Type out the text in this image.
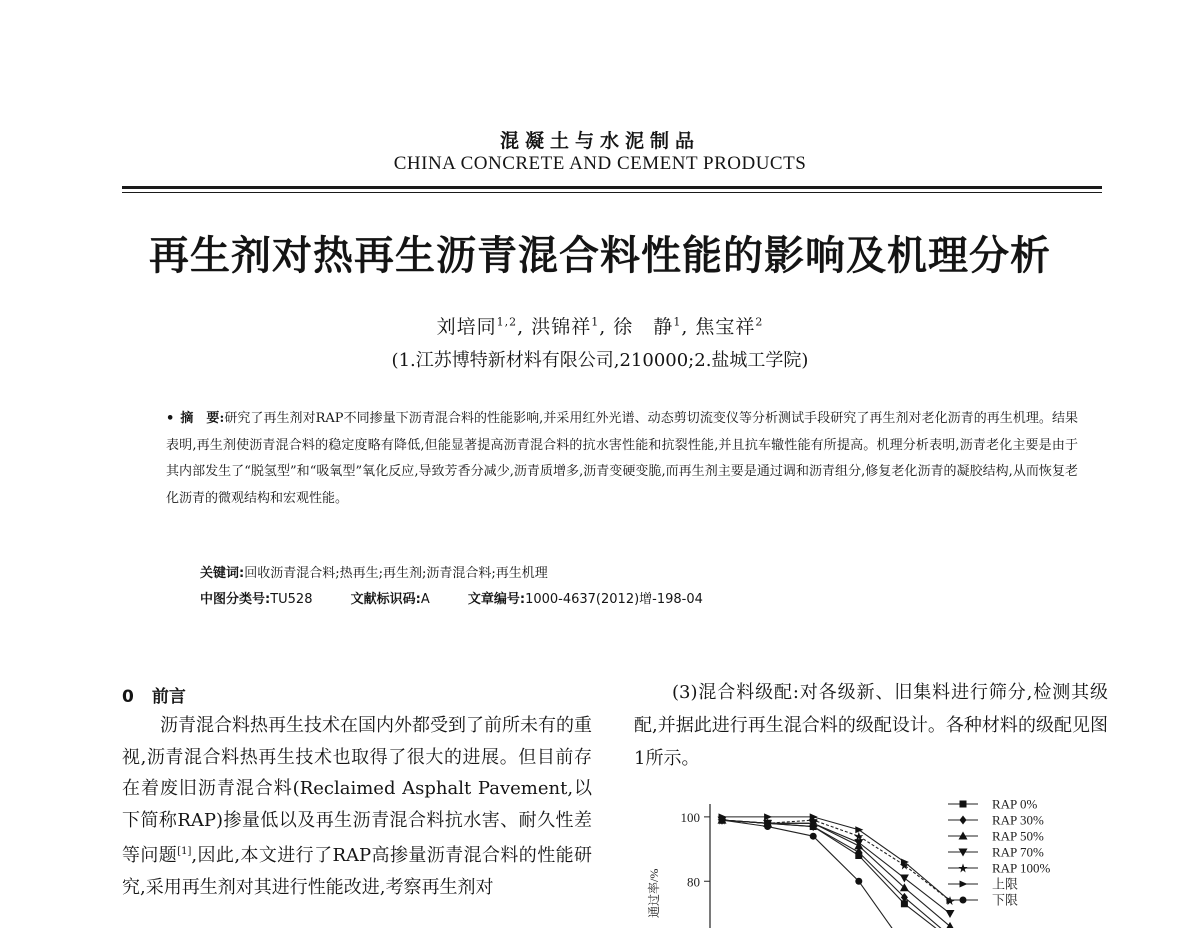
混凝土与水泥制品
CHINA CONCRETE AND CEMENT PRODUCTS
再生剂对热再生沥青混合料性能的影响及机理分析
刘培同$^{1,2}$, 洪锦祥$^1$, 徐　静$^1$, 焦宝祥$^2$
(1.江苏博特新材料有限公司,210000;2.盐城工学院)
• 摘　要:研究了再生剂对RAP不同掺量下沥青混合料的性能影响,并采用红外光谱、动态剪切流变仪等分析测试手段研究了再生剂对老化沥青的再生机理。结果表明,再生剂使沥青混合料的稳定度略有降低,但能显著提高沥青混合料的抗水害性能和抗裂性能,并且抗车辙性能有所提高。机理分析表明,沥青老化主要是由于其内部发生了“脱氢型”和“吸氧型”氧化反应,导致芳香分减少,沥青质增多,沥青变硬变脆,而再生剂主要是通过调和沥青组分,修复老化沥青的凝胶结构,从而恢复老化沥青的微观结构和宏观性能。
关键词:回收沥青混合料;热再生;再生剂;沥青混合料;再生机理
中图分类号:TU528	文献标识码:A	文章编号:1000-4637(2012)增-198-04
0 前言
沥青混合料热再生技术在国内外都受到了前所未有的重视,沥青混合料热再生技术也取得了很大的进展。但目前存在着废旧沥青混合料(Reclaimed Asphalt Pavement,以下简称RAP)掺量低以及再生沥青混合料抗水害、耐久性差等问题[1],因此,本文进行了RAP高掺量沥青混合料的性能研究,采用再生剂对其进行性能改进,考察再生剂对
(3)混合料级配:对各级新、旧集料进行筛分,检测其级配,并据此进行再生混合料的级配设计。各种材料的级配见图1所示。
100
80
通过率/%
RAP 0%
RAP 30%
RAP 50%
RAP 70%
RAP 100%
上限
下限
